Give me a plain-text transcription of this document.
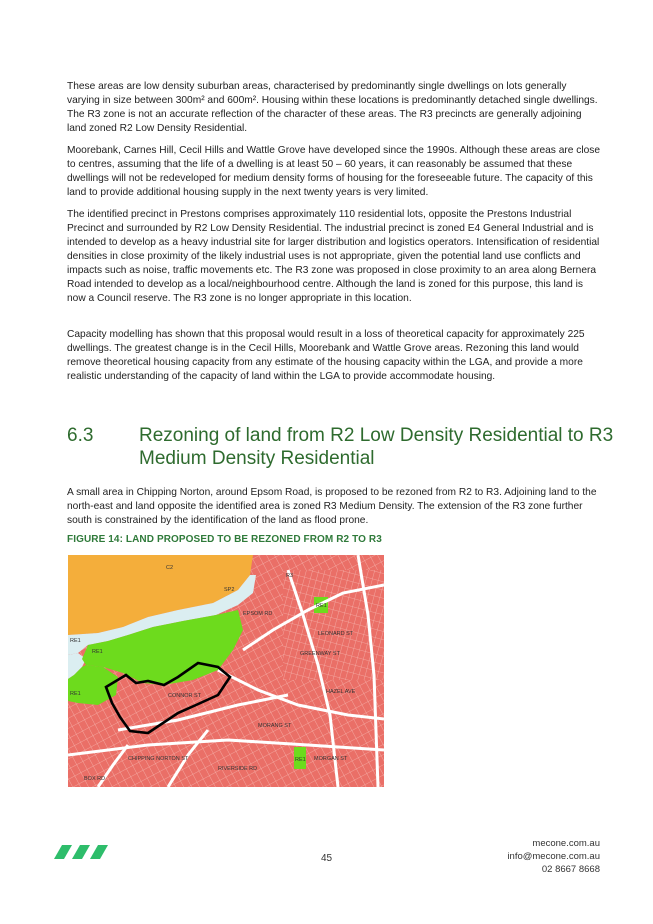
These areas are low density suburban areas, characterised by predominantly single dwellings on lots generally varying in size between 300m² and 600m². Housing within these locations is predominantly detached single dwellings. The R3 zone is not an accurate reflection of the character of these areas. The R3 precincts are generally adjoining land zoned R2 Low Density Residential.

Moorebank, Carnes Hill, Cecil Hills and Wattle Grove have developed since the 1990s. Although these areas are close to centres, assuming that the life of a dwelling is at least 50 – 60 years, it can reasonably be assumed that these dwellings will not be redeveloped for medium density forms of housing for the foreseeable future. The capacity of this land to provide additional housing supply in the next twenty years is very limited.

The identified precinct in Prestons comprises approximately 110 residential lots, opposite the Prestons Industrial Precinct and surrounded by R2 Low Density Residential. The industrial precinct is zoned E4 General Industrial and is intended to develop as a heavy industrial site for larger distribution and logistics operators. Intensification of residential densities in close proximity of the likely industrial uses is not appropriate, given the potential land use conflicts and impacts such as noise, traffic movements etc. The R3 zone was proposed in close proximity to an area along Bernera Road intended to develop as a local/neighbourhood centre. Although the land is zoned for this purpose, this land is now a Council reserve. The R3 zone is no longer appropriate in this location.

Capacity modelling has shown that this proposal would result in a loss of theoretical capacity for approximately 225 dwellings. The greatest change is in the Cecil Hills, Moorebank and Wattle Grove areas. Rezoning this land would remove theoretical housing capacity from any estimate of the housing capacity within the LGA, and provide a more realistic understanding of the capacity of land within the LGA to provide accommodate housing.

6.3	Rezoning of land from R2 Low Density Residential to R3 Medium Density Residential

A small area in Chipping Norton, around Epsom Road, is proposed to be rezoned from R2 to R3. Adjoining land to the north-east and land opposite the identified area is zoned R3 Medium Density. The extension of the R3 zone further south is constrained by the identification of the land as flood prone.

FIGURE 14: LAND PROPOSED TO BE REZONED FROM R2 TO R3
C2
SP2
R3
RE1
RE1
RE1
RE1
RE1
EPSOM RD
CHIPPING NORTON ST
LEONARD ST
GREENWAY ST
HAZEL AVE
MORANG ST
RIVERSIDE RD
MORGAN ST
CONNOR ST
BOX RD
45
mecone.com.au
info@mecone.com.au
02 8667 8668
